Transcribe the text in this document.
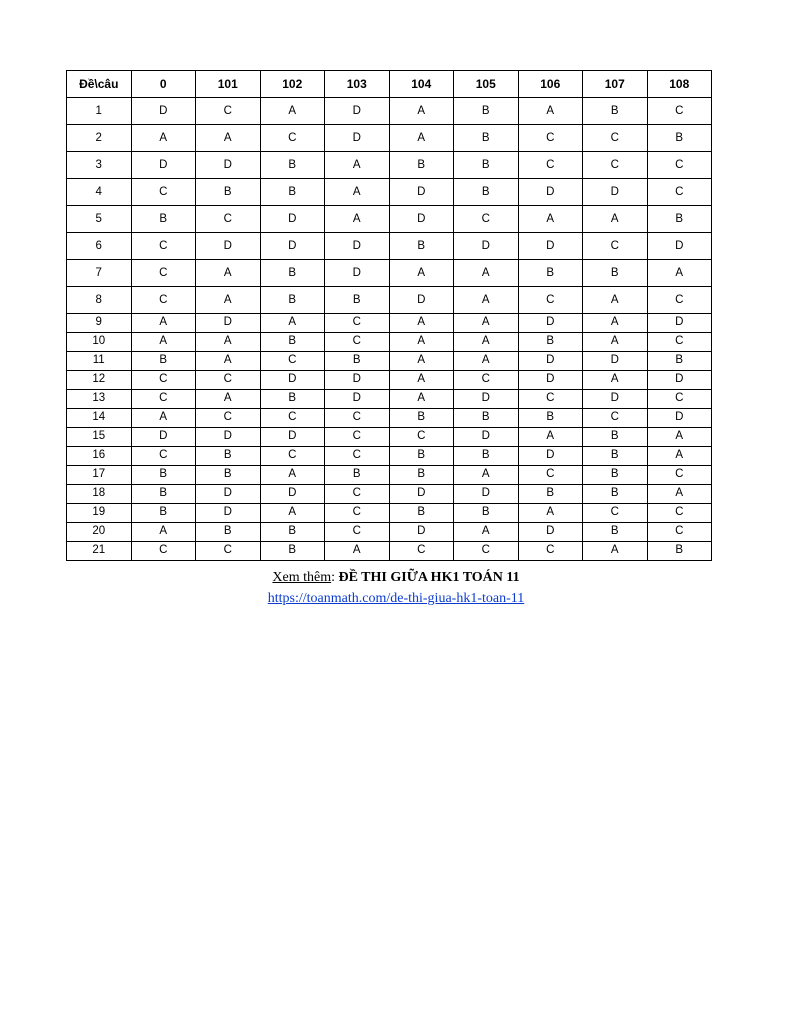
Đề\câu	0	101	102	103	104	105	106	107	108
1	D	C	A	D	A	B	A	B	C
2	A	A	C	D	A	B	C	C	B
3	D	D	B	A	B	B	C	C	C
4	C	B	B	A	D	B	D	D	C
5	B	C	D	A	D	C	A	A	B
6	C	D	D	D	B	D	D	C	D
7	C	A	B	D	A	A	B	B	A
8	C	A	B	B	D	A	C	A	C
9	A	D	A	C	A	A	D	A	D
10	A	A	B	C	A	A	B	A	C
11	B	A	C	B	A	A	D	D	B
12	C	C	D	D	A	C	D	A	D
13	C	A	B	D	A	D	C	D	C
14	A	C	C	C	B	B	B	C	D
15	D	D	D	C	C	D	A	B	A
16	C	B	C	C	B	B	D	B	A
17	B	B	A	B	B	A	C	B	C
18	B	D	D	C	D	D	B	B	A
19	B	D	A	C	B	B	A	C	C
20	A	B	B	C	D	A	D	B	C
21	C	C	B	A	C	C	C	A	B
Xem thêm: ĐỀ THI GIỮA HK1 TOÁN 11
https://toanmath.com/de-thi-giua-hk1-toan-11
